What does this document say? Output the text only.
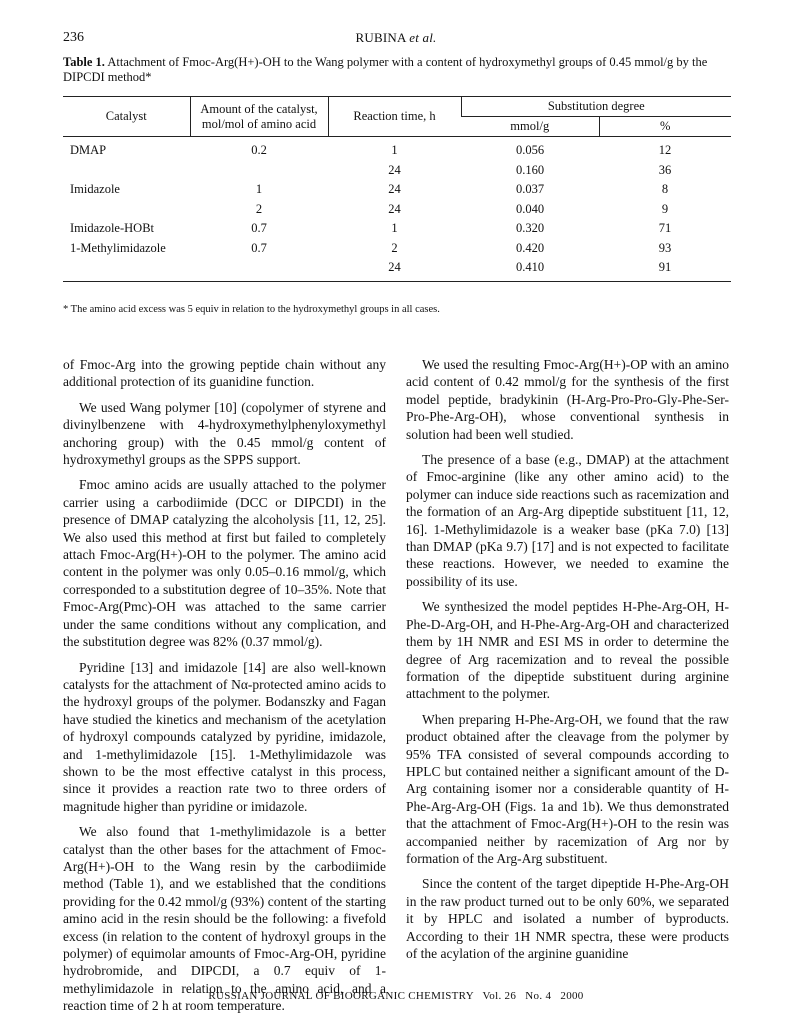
236	RUBINA et al.
Table 1. Attachment of Fmoc-Arg(H+)-OH to the Wang polymer with a content of hydroxymethyl groups of 0.45 mmol/g by the DIPCDI method*
Catalyst	Amount of the catalyst, mol/mol of amino acid	Reaction time, h	Substitution degree	
			mmol/g	%
DMAP	0.2	1	0.056	12
		24	0.160	36
Imidazole	1	24	0.037	8
	2	24	0.040	9
Imidazole-HOBt	0.7	1	0.320	71
1-Methylimidazole	0.7	2	0.420	93
		24	0.410	91
* The amino acid excess was 5 equiv in relation to the hydroxymethyl groups in all cases.

of Fmoc-Arg into the growing peptide chain without any additional protection of its guanidine function.

We used Wang polymer [10] (copolymer of styrene and divinylbenzene with 4-hydroxymethylphenyloxymethyl anchoring group) with the 0.45 mmol/g content of hydroxymethyl groups as the SPPS support.

Fmoc amino acids are usually attached to the polymer carrier using a carbodiimide (DCC or DIPCDI) in the presence of DMAP catalyzing the alcoholysis [11, 12, 25]. We also used this method at first but failed to completely attach Fmoc-Arg(H+)-OH to the polymer. The amino acid content in the polymer was only 0.05–0.16 mmol/g, which corresponded to a substitution degree of 10–35%. Note that Fmoc-Arg(Pmc)-OH was attached to the same carrier under the same conditions without any complication, and the substitution degree was 82% (0.37 mmol/g).

Pyridine [13] and imidazole [14] are also well-known catalysts for the attachment of Nα-protected amino acids to the hydroxyl groups of the polymer. Bodanszky and Fagan have studied the kinetics and mechanism of the acetylation of hydroxyl compounds catalyzed by pyridine, imidazole, and 1-methylimidazole [15]. 1-Methylimidazole was shown to be the most effective catalyst in this process, since it provides a reaction rate two to three orders of magnitude higher than pyridine or imidazole.

We also found that 1-methylimidazole is a better catalyst than the other bases for the attachment of Fmoc-Arg(H+)-OH to the Wang resin by the carbodiimide method (Table 1), and we established that the conditions providing for the 0.42 mmol/g (93%) content of the starting amino acid in the resin should be the following: a fivefold excess (in relation to the content of hydroxyl groups in the polymer) of equimolar amounts of Fmoc-Arg-OH, pyridine hydrobromide, and DIPCDI, a 0.7 equiv of 1-methylimidazole in relation to the amino acid, and a reaction time of 2 h at room temperature.

We used the resulting Fmoc-Arg(H+)-OP with an amino acid content of 0.42 mmol/g for the synthesis of the first model peptide, bradykinin (H-Arg-Pro-Pro-Gly-Phe-Ser-Pro-Phe-Arg-OH), whose conventional synthesis in solution had been well studied.

The presence of a base (e.g., DMAP) at the attachment of Fmoc-arginine (like any other amino acid) to the polymer can induce side reactions such as racemization and the formation of an Arg-Arg dipeptide substituent [11, 12, 16]. 1-Methylimidazole is a weaker base (pKa 7.0) [13] than DMAP (pKa 9.7) [17] and is not expected to facilitate these reactions. However, we needed to examine the possibility of its use.

We synthesized the model peptides H-Phe-Arg-OH, H-Phe-D-Arg-OH, and H-Phe-Arg-Arg-OH and characterized them by 1H NMR and ESI MS in order to determine the degree of Arg racemization and to reveal the possible formation of the dipeptide substituent during arginine attachment to the polymer.

When preparing H-Phe-Arg-OH, we found that the raw product obtained after the cleavage from the polymer by 95% TFA consisted of several compounds according to HPLC but contained neither a significant amount of the D-Arg containing isomer nor a considerable quantity of H-Phe-Arg-Arg-OH (Figs. 1a and 1b). We thus demonstrated that the attachment of Fmoc-Arg(H+)-OH to the resin was accompanied neither by racemization of Arg nor by formation of the Arg-Arg substituent.

Since the content of the target dipeptide H-Phe-Arg-OH in the raw product turned out to be only 60%, we separated it by HPLC and isolated a number of byproducts. According to their 1H NMR spectra, these were products of the acylation of the arginine guanidine

RUSSIAN JOURNAL OF BIOORGANIC CHEMISTRY   Vol. 26   No. 4   2000
